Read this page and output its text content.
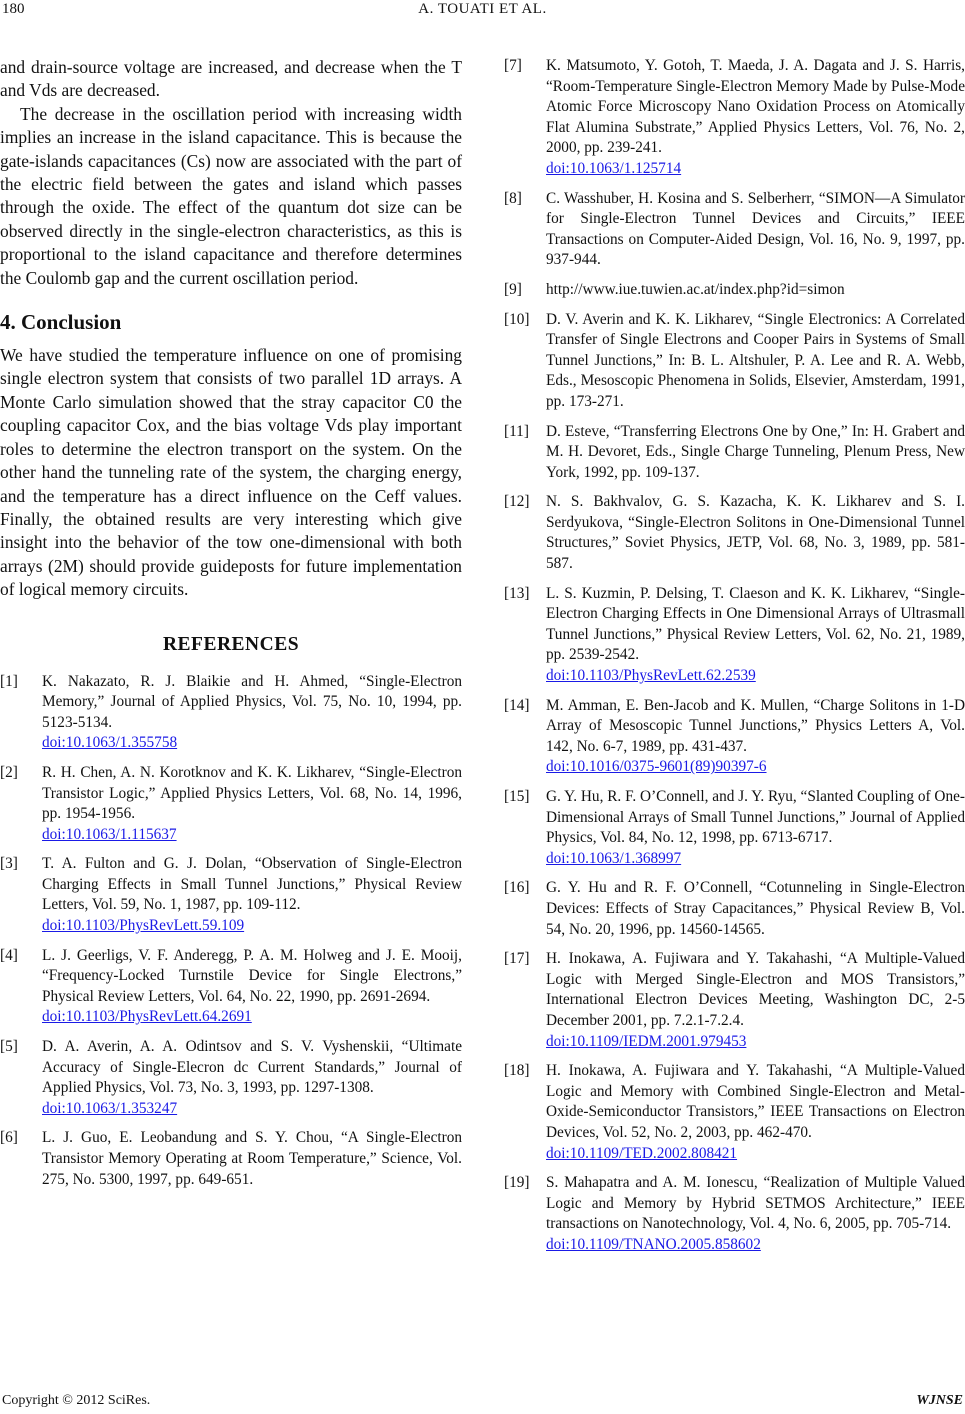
180	A. TOUATI ET AL.

and drain-source voltage are increased, and decrease when the T and Vds are decreased.

The decrease in the oscillation period with increasing width implies an increase in the island capacitance. This is because the gate-islands capacitances (Cs) now are associated with the part of the electric field between the gates and island which passes through the oxide. The effect of the quantum dot size can be observed directly in the single-electron characteristics, as this is proportional to the island capacitance and therefore determines the Coulomb gap and the current oscillation period.

4. Conclusion

We have studied the temperature influence on one of promising single electron system that consists of two parallel 1D arrays. A Monte Carlo simulation showed that the stray capacitor C0 the coupling capacitor Cox, and the bias voltage Vds play important roles to determine the electron transport on the system. On the other hand the tunneling rate of the system, the charging energy, and the temperature has a direct influence on the Ceff values. Finally, the obtained results are very interesting which give insight into the behavior of the tow one-dimensional with both arrays (2M) should provide guideposts for future implementation of logical memory circuits.

REFERENCES
[1]	K. Nakazato, R. J. Blaikie and H. Ahmed, “Single-Electron Memory,” Journal of Applied Physics, Vol. 75, No. 10, 1994, pp. 5123-5134.
doi:10.1063/1.355758
[2]	R. H. Chen, A. N. Korotknov and K. K. Likharev, “Single-Electron Transistor Logic,” Applied Physics Letters, Vol. 68, No. 14, 1996, pp. 1954-1956.
doi:10.1063/1.115637
[3]	T. A. Fulton and G. J. Dolan, “Observation of Single-Electron Charging Effects in Small Tunnel Junctions,” Physical Review Letters, Vol. 59, No. 1, 1987, pp. 109-112.
doi:10.1103/PhysRevLett.59.109
[4]	L. J. Geerligs, V. F. Anderegg, P. A. M. Holweg and J. E. Mooij, “Frequency-Locked Turnstile Device for Single Electrons,” Physical Review Letters, Vol. 64, No. 22, 1990, pp. 2691-2694.
doi:10.1103/PhysRevLett.64.2691
[5]	D. A. Averin, A. A. Odintsov and S. V. Vyshenskii, “Ultimate Accuracy of Single-Elecron dc Current Standards,” Journal of Applied Physics, Vol. 73, No. 3, 1993, pp. 1297-1308.
doi:10.1063/1.353247
[6]	L. J. Guo, E. Leobandung and S. Y. Chou, “A Single-Electron Transistor Memory Operating at Room Temperature,” Science, Vol. 275, No. 5300, 1997, pp. 649-651.
[7]	K. Matsumoto, Y. Gotoh, T. Maeda, J. A. Dagata and J. S. Harris, “Room-Temperature Single-Electron Memory Made by Pulse-Mode Atomic Force Microscopy Nano Oxidation Process on Atomically Flat Alumina Substrate,” Applied Physics Letters, Vol. 76, No. 2, 2000, pp. 239-241.
doi:10.1063/1.125714
[8]	C. Wasshuber, H. Kosina and S. Selberherr, “SIMON—A Simulator for Single-Electron Tunnel Devices and Circuits,” IEEE Transactions on Computer-Aided Design, Vol. 16, No. 9, 1997, pp. 937-944.
[9]	http://www.iue.tuwien.ac.at/index.php?id=simon
[10]	D. V. Averin and K. K. Likharev, “Single Electronics: A Correlated Transfer of Single Electrons and Cooper Pairs in Systems of Small Tunnel Junctions,” In: B. L. Altshuler, P. A. Lee and R. A. Webb, Eds., Mesoscopic Phenomena in Solids, Elsevier, Amsterdam, 1991, pp. 173-271.
[11]	D. Esteve, “Transferring Electrons One by One,” In: H. Grabert and M. H. Devoret, Eds., Single Charge Tunneling, Plenum Press, New York, 1992, pp. 109-137.
[12]	N. S. Bakhvalov, G. S. Kazacha, K. K. Likharev and S. I. Serdyukova, “Single-Electron Solitons in One-Dimensional Tunnel Structures,” Soviet Physics, JETP, Vol. 68, No. 3, 1989, pp. 581-587.
[13]	L. S. Kuzmin, P. Delsing, T. Claeson and K. K. Likharev, “Single-Electron Charging Effects in One Dimensional Arrays of Ultrasmall Tunnel Junctions,” Physical Review Letters, Vol. 62, No. 21, 1989, pp. 2539-2542.
doi:10.1103/PhysRevLett.62.2539
[14]	M. Amman, E. Ben-Jacob and K. Mullen, “Charge Solitons in 1-D Array of Mesoscopic Tunnel Junctions,” Physics Letters A, Vol. 142, No. 6-7, 1989, pp. 431-437.
doi:10.1016/0375-9601(89)90397-6
[15]	G. Y. Hu, R. F. O’Connell, and J. Y. Ryu, “Slanted Coupling of One-Dimensional Arrays of Small Tunnel Junctions,” Journal of Applied Physics, Vol. 84, No. 12, 1998, pp. 6713-6717.
doi:10.1063/1.368997
[16]	G. Y. Hu and R. F. O’Connell, “Cotunneling in Single-Electron Devices: Effects of Stray Capacitances,” Physical Review B, Vol. 54, No. 20, 1996, pp. 14560-14565.
[17]	H. Inokawa, A. Fujiwara and Y. Takahashi, “A Multiple-Valued Logic with Merged Single-Electron and MOS Transistors,” International Electron Devices Meeting, Washington DC, 2-5 December 2001, pp. 7.2.1-7.2.4.
doi:10.1109/IEDM.2001.979453
[18]	H. Inokawa, A. Fujiwara and Y. Takahashi, “A Multiple-Valued Logic and Memory with Combined Single-Electron and Metal-Oxide-Semiconductor Transistors,” IEEE Transactions on Electron Devices, Vol. 52, No. 2, 2003, pp. 462-470.
doi:10.1109/TED.2002.808421
[19]	S. Mahapatra and A. M. Ionescu, “Realization of Multiple Valued Logic and Memory by Hybrid SETMOS Architecture,” IEEE transactions on Nanotechnology, Vol. 4, No. 6, 2005, pp. 705-714.
doi:10.1109/TNANO.2005.858602
Copyright © 2012 SciRes.	WJNSE
